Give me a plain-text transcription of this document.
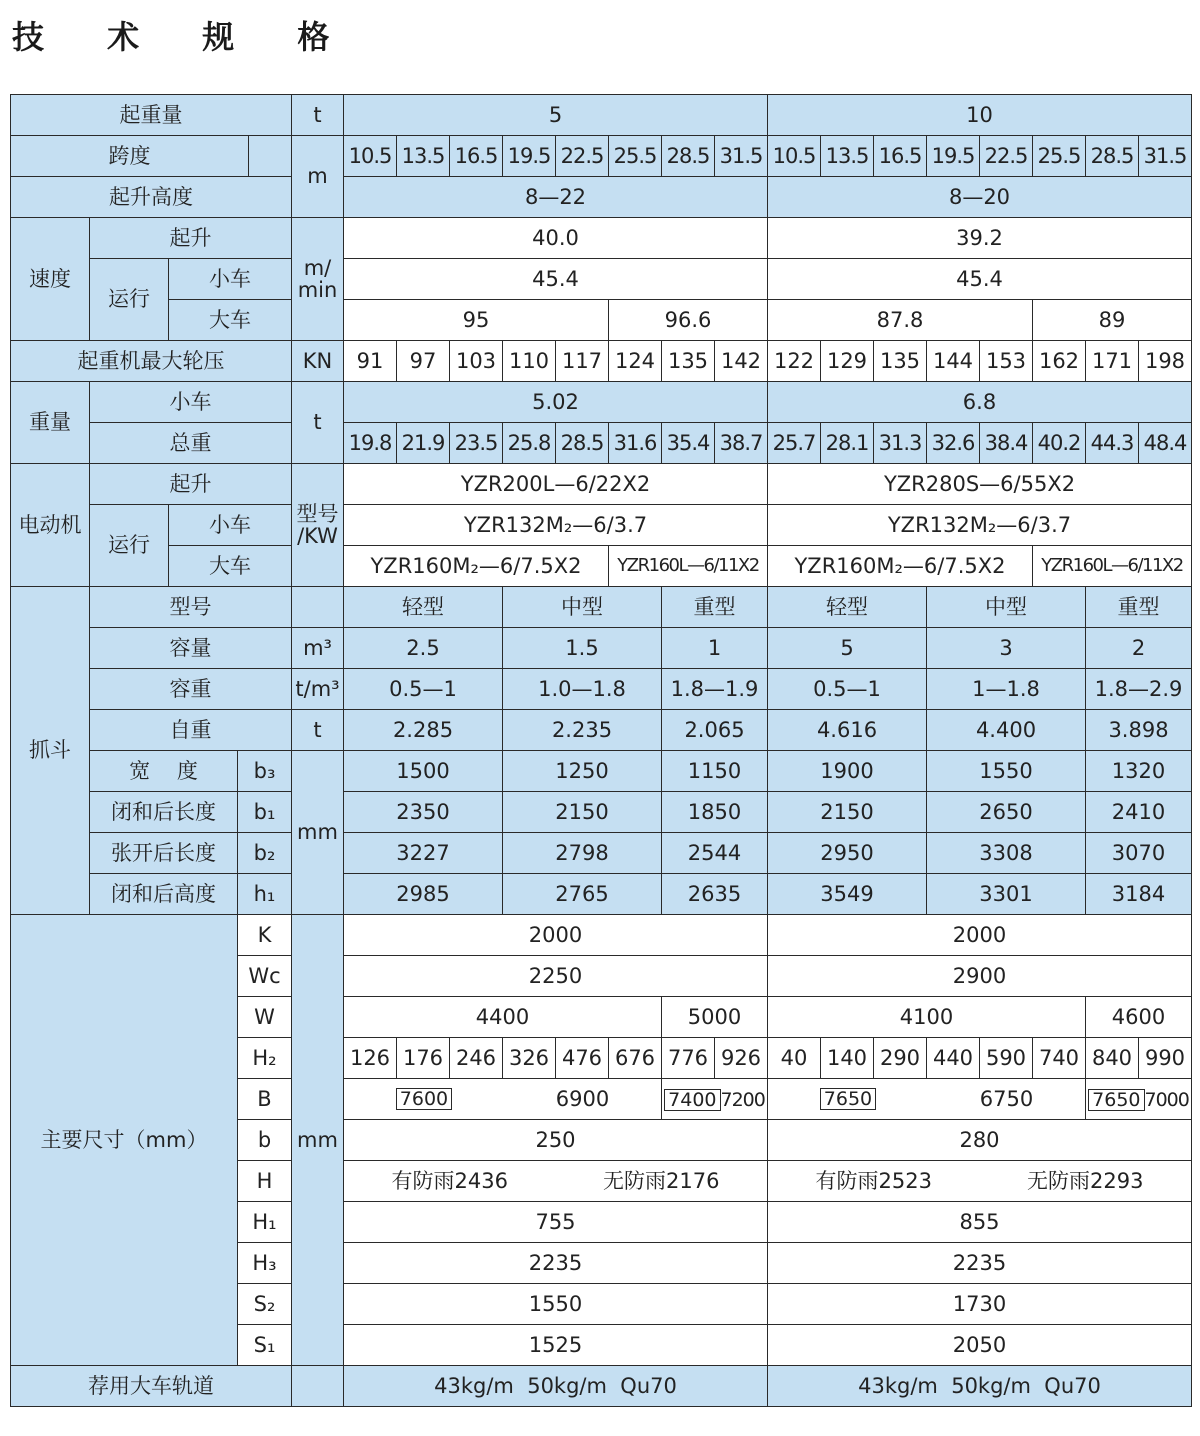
技 术 规 格
起重量					t	5								10							
跨度					m	10.5	13.5	16.5	19.5	22.5	25.5	28.5	31.5	10.5	13.5	16.5	19.5	22.5	25.5	28.5	31.5
起升高度						8—22								8—20							
速度	起升				m/ min	40.0								39.2							
	运行	小车				45.4								45.4							
		大车				95					96.6			87.8					89		
起重机最大轮压					KN	91	97	103	110	117	124	135	142	122	129	135	144	153	162	171	198
重量	小车				t	5.02								6.8							
	总重					19.8	21.9	23.5	25.8	28.5	31.6	35.4	38.7	25.7	28.1	31.3	32.6	38.4	40.2	44.3	48.4
电动机	起升				型号 /KW	YZR200L—6/22X2								YZR280S—6/55X2							
	运行	小车				YZR132M₂—6/3.7								YZR132M₂—6/3.7							
		大车				YZR160M₂—6/7.5X2					YZR160L—6/11X2			YZR160M₂—6/7.5X2					YZR160L—6/11X2		
抓斗	型号					轻型			中型			重型		轻型			中型			重型	
	容量				m³	2.5			1.5			1		5			3			2	
	容重				t/m³	0.5—1			1.0—1.8			1.8—1.9		0.5—1			1—1.8			1.8—2.9	
	自重				t	2.285			2.235			2.065		4.616			4.400			3.898	
	宽    度		b₃		mm	1500			1250			1150		1900			1550			1320	
	闭和后长度		b₁			2350			2150			1850		2150			2650			2410	
	张开后长度		b₂			3227			2798			2544		2950			3308			3070	
	闭和后高度		h₁			2985			2765			2635		3549			3301			3184	
主要尺寸（mm）			K		mm	2000								2000							
			Wc			2250								2900							
			W			4400						5000		4100						4600	
			H₂			126	176	246	326	476	676	776	926	40	140	290	440	590	740	840	990
			B			7600 6900						7400 7200		7650 6750						7650 7000	
			b			250								280							
			H			有防雨2436 无防雨2176								有防雨2523 无防雨2293							

			H₁			755								855							
			H₃			2235								2235							
			S₂			1550								1730							
			S₁			1525								2050							
荐用大车轨道						43kg/m  50kg/m  Qu70								43kg/m  50kg/m  Qu70							
